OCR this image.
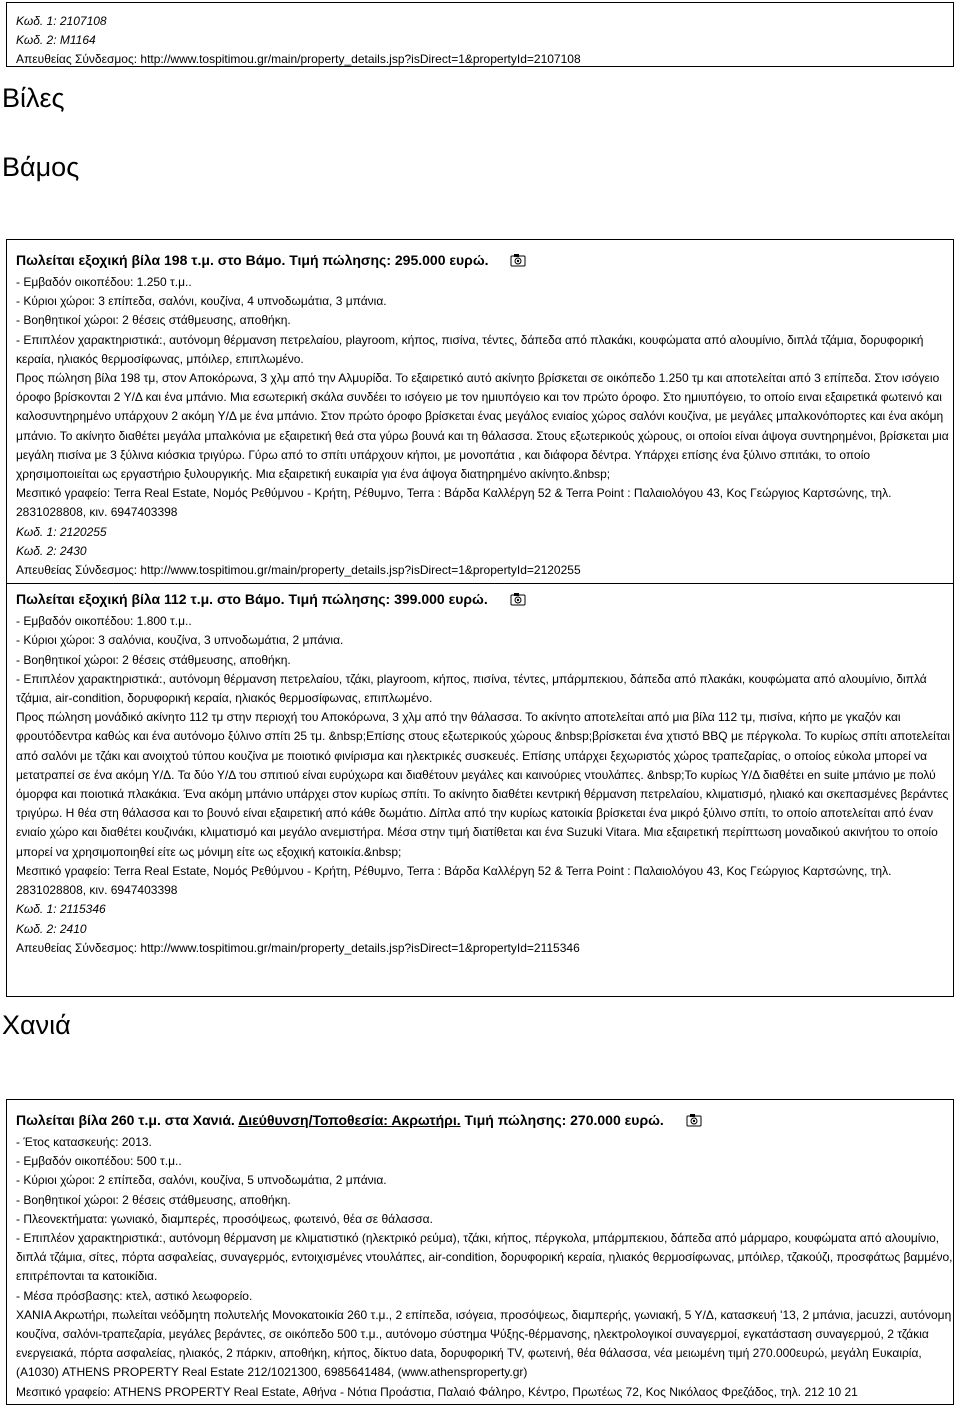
Κωδ. 1: 2107108
Κωδ. 2: M1164
Απευθείας Σύνδεσμος: http://www.tospitimou.gr/main/property_details.jsp?isDirect=1&propertyId=2107108
Βίλες
Βάμος
Πωλείται εξοχική βίλα 198 τ.μ. στο Βάμο. Τιμή πώλησης: 295.000 ευρώ.
- Εμβαδόν οικοπέδου: 1.250 τ.μ..
- Κύριοι χώροι: 3 επίπεδα, σαλόνι, κουζίνα, 4 υπνοδωμάτια, 3 μπάνια.
- Βοηθητικοί χώροι: 2 θέσεις στάθμευσης, αποθήκη.
- Επιπλέον χαρακτηριστικά:, αυτόνομη θέρμανση πετρελαίου, playroom, κήπος, πισίνα, τέντες, δάπεδα από πλακάκι, κουφώματα από αλουμίνιο, διπλά τζάμια, δορυφορική κεραία, ηλιακός θερμοσίφωνας, μπόιλερ, επιπλωμένο.
Προς πώληση βίλα 198 τμ, στον Αποκόρωνα, 3 χλμ από την Αλμυρίδα. Το εξαιρετικό αυτό ακίνητο βρίσκεται σε οικόπεδο 1.250 τμ και αποτελείται από 3 επίπεδα. Στον ισόγειο όροφο βρίσκονται 2 Υ/Δ και ένα μπάνιο. Μια εσωτερική σκάλα συνδέει το ισόγειο με τον ημιυπόγειο και τον πρώτο όροφο. Στο ημιυπόγειο, το οποίο ειναι εξαιρετικά φωτεινό και καλοσυντηρημένο υπάρχουν 2 ακόμη Υ/Δ με ένα μπάνιο. Στον πρώτο όροφο βρίσκεται ένας μεγάλος ενιαίος χώρος σαλόνι κουζίνα, με μεγάλες μπαλκονόπορτες και ένα ακόμη μπάνιο. Το ακίνητο διαθέτει μεγάλα μπαλκόνια με εξαιρετική θεά στα γύρω βουνά και τη θάλασσα. Στους εξωτερικούς χώρους, οι οποίοι είναι άψογα συντηρημένοι, βρίσκεται μια μεγάλη πισίνα με 3 ξύλινα κιόσκια τριγύρω. Γύρω από το σπίτι υπάρχουν κήποι, με μονοπάτια , και διάφορα δέντρα. Υπάρχει επίσης ένα ξύλινο σπιτάκι, το οποίο χρησιμοποιείται ως εργαστήριο ξυλουργικής. Μια εξαιρετική ευκαιρία για ένα άψογα διατηρημένο ακίνητο.&nbsp;
Μεσιτικό γραφείο: Terra Real Estate, Νομός Ρεθύμνου - Κρήτη, Ρέθυμνο, Terra : Βάρδα Καλλέργη 52 & Terra Point : Παλαιολόγου 43, Κος Γεώργιος Καρτσώνης, τηλ. 2831028808, κιν. 6947403398
Κωδ. 1: 2120255
Κωδ. 2: 2430
Απευθείας Σύνδεσμος: http://www.tospitimou.gr/main/property_details.jsp?isDirect=1&propertyId=2120255
Πωλείται εξοχική βίλα 112 τ.μ. στο Βάμο. Τιμή πώλησης: 399.000 ευρώ.
- Εμβαδόν οικοπέδου: 1.800 τ.μ..
- Κύριοι χώροι: 3 σαλόνια, κουζίνα, 3 υπνοδωμάτια, 2 μπάνια.
- Βοηθητικοί χώροι: 2 θέσεις στάθμευσης, αποθήκη.
- Επιπλέον χαρακτηριστικά:, αυτόνομη θέρμανση πετρελαίου, τζάκι, playroom, κήπος, πισίνα, τέντες, μπάρμπεκιου, δάπεδα από πλακάκι, κουφώματα από αλουμίνιο, διπλά τζάμια, air-condition, δορυφορική κεραία, ηλιακός θερμοσίφωνας, επιπλωμένο.
Προς πώληση μονάδικό ακίνητο 112 τμ στην περιοχή του Αποκόρωνα, 3 χλμ από την θάλασσα. Το ακίνητο αποτελείται από μια βίλα 112 τμ, πισίνα, κήπο με γκαζόν και φρουτόδεντρα καθώς και ένα αυτόνομο ξύλινο σπίτι 25 τμ. &nbsp;Επίσης στους εξωτερικούς χώρους &nbsp;βρίσκεται ένα χτιστό BBQ με πέργκολα. Το κυρίως σπίτι αποτελείται από σαλόνι με τζάκι και ανοιχτού τύπου κουζίνα με ποιοτικό φινίρισμα και ηλεκτρικές συσκευές. Επίσης υπάρχει ξεχωριστός χώρος τραπεζαρίας, ο οποίος εύκολα μπορεί να μετατραπεί σε ένα ακόμη Υ/Δ. Τα δύο Υ/Δ του σπιτιού είναι ευρύχωρα και διαθέτουν μεγάλες και καινούριες ντουλάπες. &nbsp;Το κυρίως Υ/Δ διαθέτει en suite μπάνιο με πολύ όμορφα και ποιοτικά πλακάκια. Ένα ακόμη μπάνιο υπάρχει στον κυρίως σπίτι. Το ακίνητο διαθέτει κεντρική θέρμανση πετρελαίου, κλιματισμό, ηλιακό και σκεπασμένες βεράντες τριγύρω. Η θέα στη θάλασσα και το βουνό είναι εξαιρετική από κάθε δωμάτιο. Δίπλα από την κυρίως κατοικία βρίσκεται ένα μικρό ξύλινο σπίτι, το οποίο αποτελείται από έναν ενιαίο χώρο και διαθέτει κουζινάκι, κλιματισμό και μεγάλο ανεμιστήρα. Μέσα στην τιμή διατίθεται και ένα Suzuki Vitara. Μια εξαιρετική περίπτωση μοναδικού ακινήτου το οποίο μπορεί να χρησιμοποιηθεί είτε ως μόνιμη είτε ως εξοχική κατοικία.&nbsp;
Μεσιτικό γραφείο: Terra Real Estate, Νομός Ρεθύμνου - Κρήτη, Ρέθυμνο, Terra : Βάρδα Καλλέργη 52 & Terra Point : Παλαιολόγου 43, Κος Γεώργιος Καρτσώνης, τηλ. 2831028808, κιν. 6947403398
Κωδ. 1: 2115346
Κωδ. 2: 2410
Απευθείας Σύνδεσμος: http://www.tospitimou.gr/main/property_details.jsp?isDirect=1&propertyId=2115346
Χανιά
Πωλείται βίλα 260 τ.μ. στα Χανιά. Διεύθυνση/Τοποθεσία: Ακρωτήρι. Τιμή πώλησης: 270.000 ευρώ.
- Έτος κατασκευής: 2013.
- Εμβαδόν οικοπέδου: 500 τ.μ..
- Κύριοι χώροι: 2 επίπεδα, σαλόνι, κουζίνα, 5 υπνοδωμάτια, 2 μπάνια.
- Βοηθητικοί χώροι: 2 θέσεις στάθμευσης, αποθήκη.
- Πλεονεκτήματα: γωνιακό, διαμπερές, προσόψεως, φωτεινό, θέα σε θάλασσα.
- Επιπλέον χαρακτηριστικά:, αυτόνομη θέρμανση με κλιματιστικό (ηλεκτρικό ρεύμα), τζάκι, κήπος, πέργκολα, μπάρμπεκιου, δάπεδα από μάρμαρο, κουφώματα από αλουμίνιο, διπλά τζάμια, σίτες, πόρτα ασφαλείας, συναγερμός, εντοιχισμένες ντουλάπες, air-condition, δορυφορική κεραία, ηλιακός θερμοσίφωνας, μπόιλερ, τζακούζι, προσφάτως βαμμένο, επιτρέπονται τα κατοικίδια.
- Μέσα πρόσβασης: κτελ, αστικό λεωφορείο.
ΧΑΝΙΑ Ακρωτήρι, πωλείται νεόδμητη πολυτελής Μονοκατοικία 260 τ.μ., 2 επίπεδα, ισόγεια, προσόψεως, διαμπερής, γωνιακή, 5 Υ/Δ, κατασκευή '13, 2 μπάνια, jacuzzi, αυτόνομη κουζίνα, σαλόνι-τραπεζαρία, μεγάλες βεράντες, σε οικόπεδο 500 τ.μ., αυτόνομο σύστημα Ψύξης-θέρμανσης, ηλεκτρολογικοί συναγερμοί, εγκατάσταση συναγερμού, 2 τζάκια ενεργειακά, πόρτα ασφαλείας, ηλιακός, 2 πάρκιν, αποθήκη, κήπος, δίκτυο data, δορυφορική TV, φωτεινή, θέα θάλασσα, νέα μειωμένη τιμή 270.000ευρώ, μεγάλη Ευκαιρία, (Α1030) ATHENS PROPERTY Real Estate 212/1021300, 6985641484, (www.athensproperty.gr)
Μεσιτικό γραφείο: ATHENS PROPERTY Real Estate, Αθήνα - Νότια Προάστια, Παλαιό Φάληρο, Κέντρο, Πρωτέως 72, Κος Νικόλαος Φρεζάδος, τηλ. 212 10 21
